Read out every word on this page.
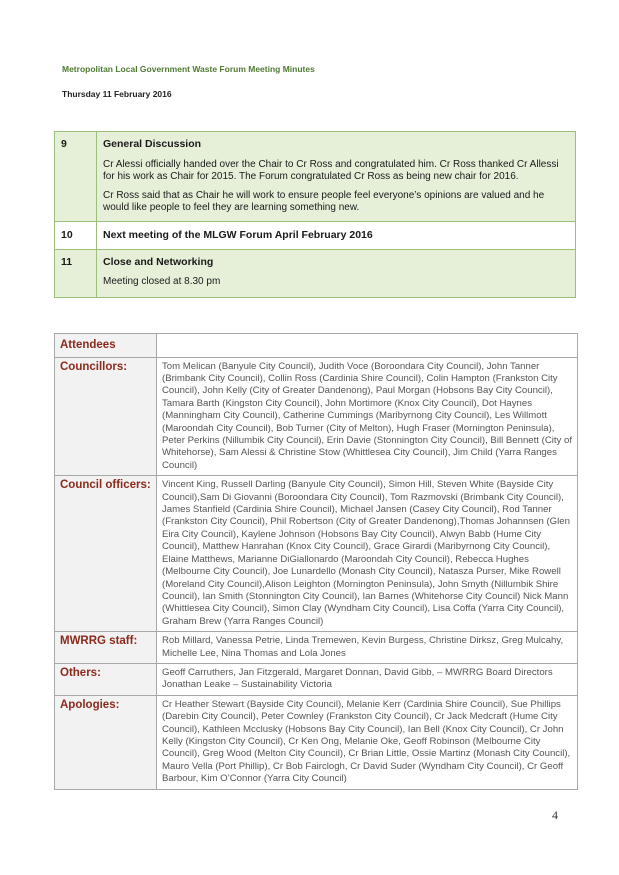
Metropolitan Local Government Waste Forum Meeting Minutes
Thursday 11 February 2016
9	General Discussion

Cr Alessi officially handed over the Chair to Cr Ross and congratulated him. Cr Ross thanked Cr Allessi for his work as Chair for 2015. The Forum congratulated Cr Ross as being new chair for 2016.

Cr Ross said that as Chair he will work to ensure people feel everyone’s opinions are valued and he would like people to feel they are learning something new.

10	Next meeting of the MLGW Forum April February 2016

11	Close and Networking

Meeting closed at 8.30 pm

Attendees	
Councillors:	Tom Melican (Banyule City Council), Judith Voce (Boroondara City Council), John Tanner (Brimbank City Council), Collin Ross (Cardinia Shire Council), Colin Hampton (Frankston City Council), John Kelly (City of Greater Dandenong), Paul Morgan (Hobsons Bay City Council), Tamara Barth (Kingston City Council), John Mortimore (Knox City Council), Dot Haynes (Manningham City Council), Catherine Cummings (Maribyrnong City Council), Les Willmott (Maroondah City Council), Bob Turner (City of Melton), Hugh Fraser (Mornington Peninsula), Peter Perkins (Nillumbik City Council), Erin Davie (Stonnington City Council), Bill Bennett (City of Whitehorse), Sam Alessi & Christine Stow (Whittlesea City Council), Jim Child (Yarra Ranges Council)

Council officers:	Vincent King, Russell Darling (Banyule City Council), Simon Hill, Steven White (Bayside City Council),Sam Di Giovanni (Boroondara City Council), Tom Razmovski (Brimbank City Council), James Stanfield (Cardinia Shire Council), Michael Jansen (Casey City Council), Rod Tanner (Frankston City Council), Phil Robertson (City of Greater Dandenong),Thomas Johannsen (Glen Eira City Council), Kaylene Johnson (Hobsons Bay City Council), Alwyn Babb (Hume City Council), Matthew Hanrahan (Knox City Council), Grace Girardi (Maribyrnong City Council), Elaine Matthews, Marianne DiGiallonardo (Maroondah City Council), Rebecca Hughes (Melbourne City Council), Joe Lunardello (Monash City Council), Natasza Purser, Mike Rowell (Moreland City Council),Alison Leighton (Mornington Peninsula), John Smyth (Nillumbik Shire Council), Ian Smith (Stonnington City Council), Ian Barnes (Whitehorse City Council) Nick Mann (Whittlesea City Council), Simon Clay (Wyndham City Council), Lisa Coffa (Yarra City Council), Graham Brew (Yarra Ranges Council)

MWRRG staff:	Rob Millard, Vanessa Petrie, Linda Tremewen, Kevin Burgess, Christine Dirksz, Greg Mulcahy, Michelle Lee, Nina Thomas and Lola Jones

Others:	Geoff Carruthers, Jan Fitzgerald, Margaret Donnan, David Gibb, – MWRRG Board Directors
Jonathan Leake – Sustainability Victoria

Apologies:	Cr Heather Stewart (Bayside City Council), Melanie Kerr (Cardinia Shire Council), Sue Phillips (Darebin City Council), Peter Cownley (Frankston City Council), Cr Jack Medcraft (Hume City Council), Kathleen Mcclusky (Hobsons Bay City Council), Ian Bell (Knox City Council), Cr John Kelly (Kingston City Council), Cr Ken Ong, Melanie Oke, Geoff Robinson (Melbourne City Council), Greg Wood (Melton City Council), Cr Brian Little, Ossie Martinz (Monash City Council), Mauro Vella (Port Phillip), Cr Bob Fairclogh, Cr David Suder (Wyndham City Council), Cr Geoff Barbour, Kim O’Connor (Yarra City Council)
4
